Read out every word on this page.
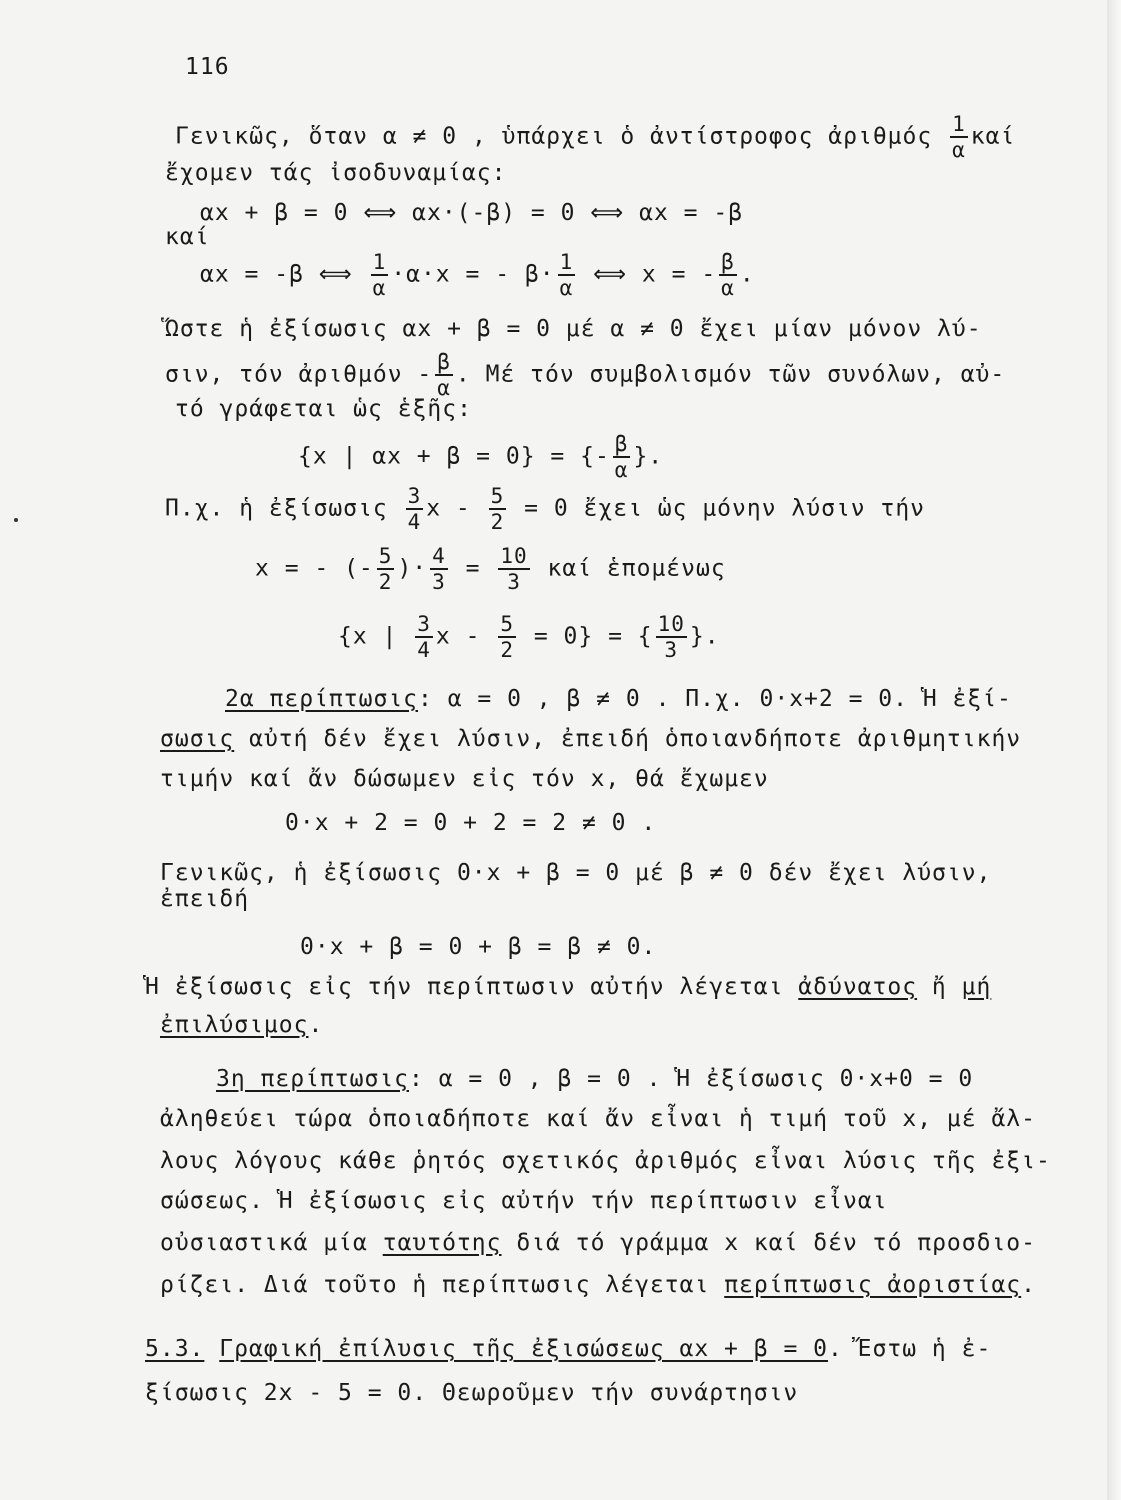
116
Γενικῶς, ὅταν α ≠ 0 , ὑπάρχει ὁ ἀντίστροφος ἀριθμός $\frac{1}{\alpha}$ καί
ἔχομεν τάς ἰσοδυναμίας:
αx + β = 0 ⟺ αx·(-β) = 0 ⟺ αx = -β
καί
αx = -β ⟺ $\frac{1}{\alpha} \cdot\alpha\cdot x$ = - $\beta\cdot \frac{1}{\alpha}$ ⟺ x = - $\frac{\beta}{\alpha}$ .
Ὥστε ἡ ἐξίσωσις αx + β = 0 μέ α ≠ 0 ἔχει μίαν μόνον λύ-
σιν, τόν ἀριθμόν - $\frac{\beta}{\alpha}$ . Μέ τόν συμβολισμόν τῶν συνόλων, αὐ-
τό γράφεται ὡς ἑξῆς:
{x | αx + β = 0} = {- $\frac{\beta}{\alpha}$ }.
Π.χ. ἡ ἐξίσωσις $\frac{3}{4}$ $x - \frac{5}{2} = 0$ ἔχει ὡς μόνην λύσιν τήν
x = - (- $\frac{5}{2}$ )· $\frac{4}{3} = \frac{10}{3}$ καί ἑπομένως
{x | $\frac{3}{4}$ $x - \frac{5}{2} = 0$} = { $\frac{10}{3}$ }.
2α περίπτωσις: α = 0 , β ≠ 0 . Π.χ. 0·x+2 = 0. Ἡ ἐξί-
σωσις αὐτή δέν ἔχει λύσιν, ἐπειδή ὁποιανδήποτε ἀριθμητικήν
τιμήν καί ἄν δώσωμεν εἰς τόν x, θά ἔχωμεν
0·x + 2 = 0 + 2 = 2 ≠ 0 .
Γενικῶς, ἡ ἐξίσωσις 0·x + β = 0 μέ β ≠ 0 δέν ἔχει λύσιν,
ἐπειδή
0·x + β = 0 + β = β ≠ 0.
Ἡ ἐξίσωσις εἰς τήν περίπτωσιν αὐτήν λέγεται ἀδύνατος ἤ μή
ἐπιλύσιμος.
3η περίπτωσις: α = 0 , β = 0 . Ἡ ἐξίσωσις 0·x+0 = 0
ἀληθεύει τώρα ὁποιαδήποτε καί ἄν εἶναι ἡ τιμή τοῦ x, μέ ἄλ-
λους λόγους κάθε ῥητός σχετικός ἀριθμός εἶναι λύσις τῆς ἐξι-
σώσεως. Ἡ ἐξίσωσις εἰς αὐτήν τήν περίπτωσιν εἶναι
οὐσιαστικά μία ταυτότης διά τό γράμμα x καί δέν τό προσδιο-
ρίζει. Διά τοῦτο ἡ περίπτωσις λέγεται περίπτωσις ἀοριστίας.
5.3. Γραφική ἐπίλυσις τῆς ἐξισώσεως αx + β = 0. Ἔστω ἡ ἐ-
ξίσωσις 2x - 5 = 0. Θεωροῦμεν τήν συνάρτησιν
